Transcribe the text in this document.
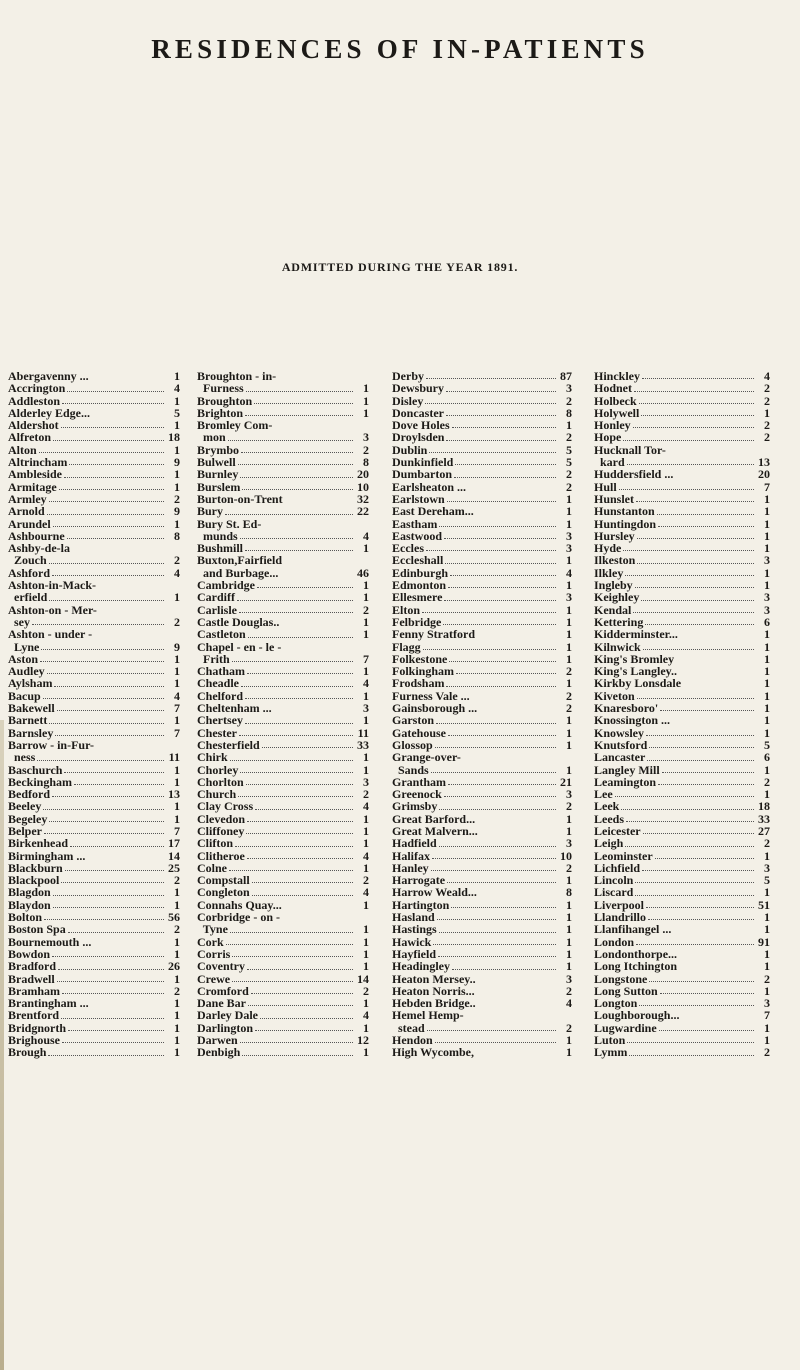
RESIDENCES OF IN-PATIENTS
ADMITTED DURING THE YEAR 1891.
Abergavenny ...	1
Accrington	4
Addleston	1
Alderley Edge...	5
Aldershot	1
Alfreton	18
Alton	1
Altrincham	9
Ambleside	1
Armitage	1
Armley	2
Arnold	9
Arundel	1
Ashbourne	8
Ashby-de-la
Zouch	2
Ashford	4
Ashton-in-Mack-
erfield	1
Ashton-on - Mer-
sey	2
Ashton - under -
Lyne	9
Aston	1
Audley	1
Aylsham	1
Bacup	4
Bakewell	7
Barnett	1
Barnsley	7
Barrow - in-Fur-
ness	11
Baschurch	1
Beckingham	1
Bedford	13
Beeley	1
Begeley	1
Belper	7
Birkenhead	17
Birmingham ...	14
Blackburn	25
Blackpool	2
Blagdon	1
Blaydon	1
Bolton	56
Boston Spa	2
Bournemouth ...	1
Bowdon	1
Bradford	26
Bradwell	1
Bramham	2
Brantingham ...	1
Brentford	1
Bridgnorth	1
Brighouse	1
Brough	1
Broughton - in-
Furness	1
Broughton	1
Brighton	1
Bromley Com-
mon	3
Brymbo	2
Bulwell	8
Burnley	20
Burslem	10
Burton-on-Trent	32
Bury	22
Bury St. Ed-
munds	4
Bushmill	1
Buxton,Fairfield
and Burbage...	46
Cambridge	1
Cardiff	1
Carlisle	2
Castle Douglas..	1
Castleton	1
Chapel - en - le -
Frith	7
Chatham	1
Cheadle	4
Chelford	1
Cheltenham ...	3
Chertsey	1
Chester	11
Chesterfield	33
Chirk	1
Chorley	1
Chorlton	3
Church	2
Clay Cross	4
Clevedon	1
Cliffoney	1
Clifton	1
Clitheroe	4
Colne	1
Compstall	2
Congleton	4
Connahs Quay...	1
Corbridge - on -
Tyne	1
Cork	1
Corris	1
Coventry	1
Crewe	14
Cromford	2
Dane Bar	1
Darley Dale	4
Darlington	1
Darwen	12
Denbigh	1
Derby	87
Dewsbury	3
Disley	2
Doncaster	8
Dove Holes	1
Droylsden	2
Dublin	5
Dunkinfield	5
Dumbarton	2
Earlsheaton ...	2
Earlstown	1
East Dereham...	1
Eastham	1
Eastwood	3
Eccles	3
Eccleshall	1
Edinburgh	4
Edmonton	1
Ellesmere	3
Elton	1
Felbridge	1
Fenny Stratford	1
Flagg	1
Folkestone	1
Folkingham	2
Frodsham	1
Furness Vale ...	2
Gainsborough ...	2
Garston	1
Gatehouse	1
Glossop	1
Grange-over-
Sands	1
Grantham	21
Greenock	3
Grimsby	2
Great Barford...	1
Great Malvern...	1
Hadfield	3
Halifax	10
Hanley	2
Harrogate	1
Harrow Weald...	8
Hartington	1
Hasland	1
Hastings	1
Hawick	1
Hayfield	1
Headingley	1
Heaton Mersey..	3
Heaton Norris...	2
Hebden Bridge..	4
Hemel Hemp-
stead	2
Hendon	1
High Wycombe,	1
Hinckley	4
Hodnet	2
Holbeck	2
Holywell	1
Honley	2
Hope	2
Hucknall Tor-
kard	13
Huddersfield ...	20
Hull	7
Hunslet	1
Hunstanton	1
Huntingdon	1
Hursley	1
Hyde	1
Ilkeston	3
Ilkley	1
Ingleby	1
Keighley	3
Kendal	3
Kettering	6
Kidderminster...	1
Kilnwick	1
King's Bromley	1
King's Langley..	1
Kirkby Lonsdale	1
Kiveton	1
Knaresboro'	1
Knossington ...	1
Knowsley	1
Knutsford	5
Lancaster	6
Langley Mill	1
Leamington	2
Lee	1
Leek	18
Leeds	33
Leicester	27
Leigh	2
Leominster	1
Lichfield	3
Lincoln	5
Liscard	1
Liverpool	51
Llandrillo	1
Llanfihangel ...	1
London	91
Londonthorpe...	1
Long Itchington	1
Longstone	2
Long Sutton	1
Longton	3
Loughborough...	7
Lugwardine	1
Luton	1
Lymm	2
